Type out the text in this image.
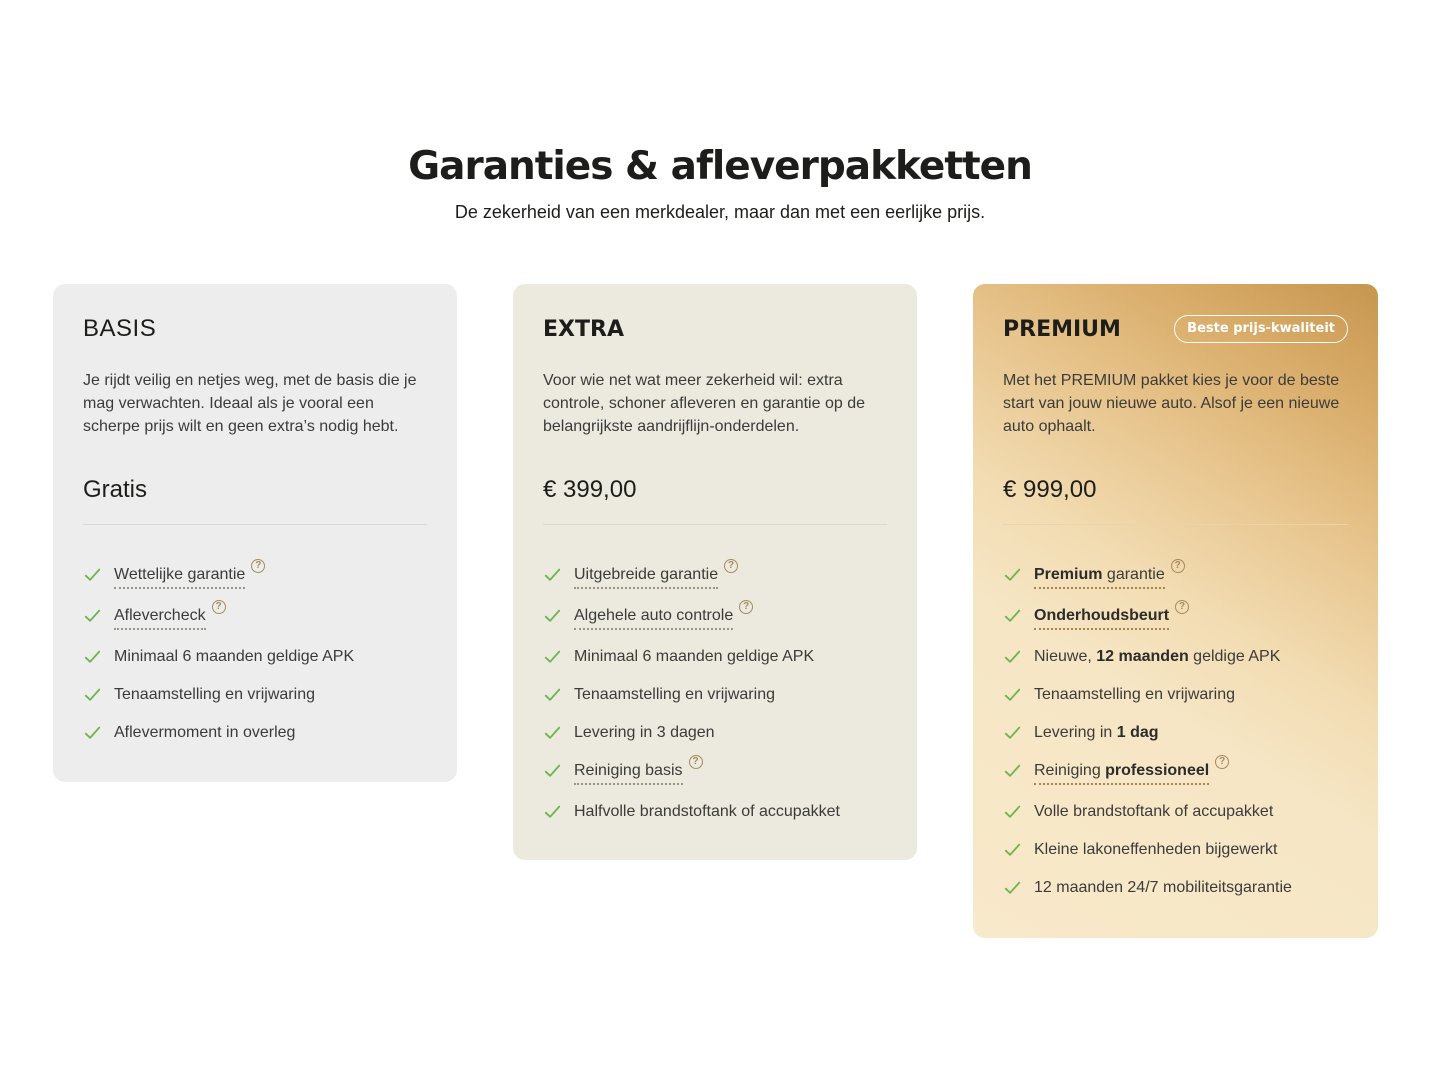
Garanties & afleverpakketten

De zekerheid van een merkdealer, maar dan met een eerlijke prijs.

BASIS

Je rijdt veilig en netjes weg, met de basis die je mag verwachten. Ideaal als je vooral een scherpe prijs wilt en geen extra’s nodig hebt.

Gratis
Wettelijke garantie
?
Aflevercheck
?
Minimaal 6 maanden geldige APK
Tenaamstelling en vrijwaring
Aflevermoment in overleg
EXTRA

Voor wie net wat meer zekerheid wil: extra controle, schoner afleveren en garantie op de belangrijkste aandrijflijn-onderdelen.

€ 399,00
Uitgebreide garantie
?
Algehele auto controle
?
Minimaal 6 maanden geldige APK
Tenaamstelling en vrijwaring
Levering in 3 dagen
Reiniging basis
?
Halfvolle brandstoftank of accupakket
PREMIUM	Beste prijs-kwaliteit

Met het PREMIUM pakket kies je voor de beste start van jouw nieuwe auto. Alsof je een nieuwe auto ophaalt.

€ 999,00
Premium garantie
?
Onderhoudsbeurt
?
Nieuwe, 12 maanden geldige APK
Tenaamstelling en vrijwaring
Levering in 1 dag
Reiniging professioneel
?
Volle brandstoftank of accupakket
Kleine lakoneffenheden bijgewerkt
12 maanden 24/7 mobiliteitsgarantie
